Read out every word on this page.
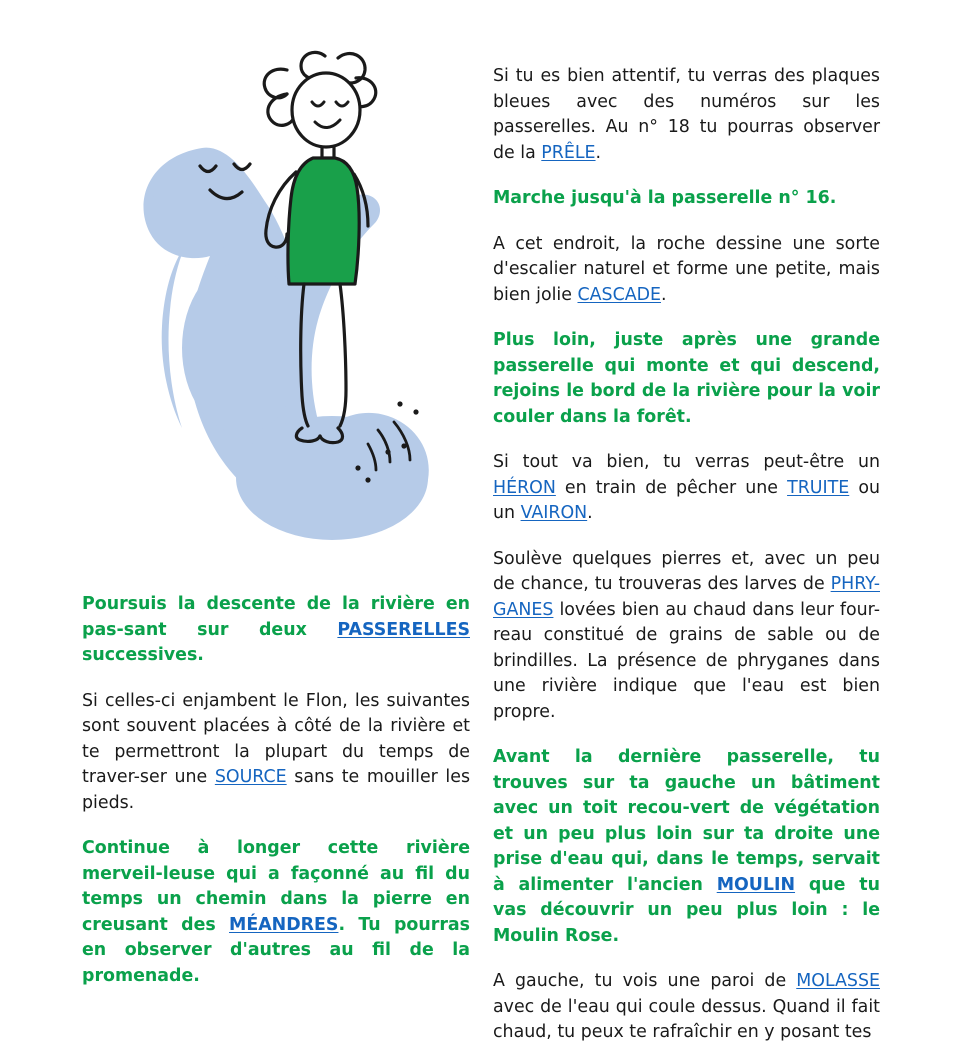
Poursuis la descente de la rivière en pas-sant sur deux PASSERELLES successives.

Si celles-ci enjambent le Flon, les suivantes sont souvent placées à côté de la rivière et te permettront la plupart du temps de traver-ser une SOURCE sans te mouiller les pieds.

Continue à longer cette rivière merveil-leuse qui a façonné au fil du temps un chemin dans la pierre en creusant des MÉANDRES. Tu pourras en observer d'autres au fil de la promenade.

Si tu es bien attentif, tu verras des plaques bleues avec des numéros sur les passerelles. Au n° 18 tu pourras observer de la PRÊLE.

Marche jusqu'à la passerelle n° 16.

A cet endroit, la roche dessine une sorte d'escalier naturel et forme une petite, mais bien jolie CASCADE.

Plus loin, juste après une grande passerelle qui monte et qui descend, rejoins le bord de la rivière pour la voir couler dans la forêt.

Si tout va bien, tu verras peut-être un HÉRON en train de pêcher une TRUITE ou un VAIRON.

Soulève quelques pierres et, avec un peu de chance, tu trouveras des larves de PHRY-GANES lovées bien au chaud dans leur four-reau constitué de grains de sable ou de brindilles. La présence de phryganes dans une rivière indique que l'eau est bien propre.

Avant la dernière passerelle, tu trouves sur ta gauche un bâtiment avec un toit recou-vert de végétation et un peu plus loin sur ta droite une prise d'eau qui, dans le temps, servait à alimenter l'ancien MOULIN que tu vas découvrir un peu plus loin : le Moulin Rose.

A gauche, tu vois une paroi de MOLASSE avec de l'eau qui coule dessus. Quand il fait chaud, tu peux te rafraîchir en y posant tes
